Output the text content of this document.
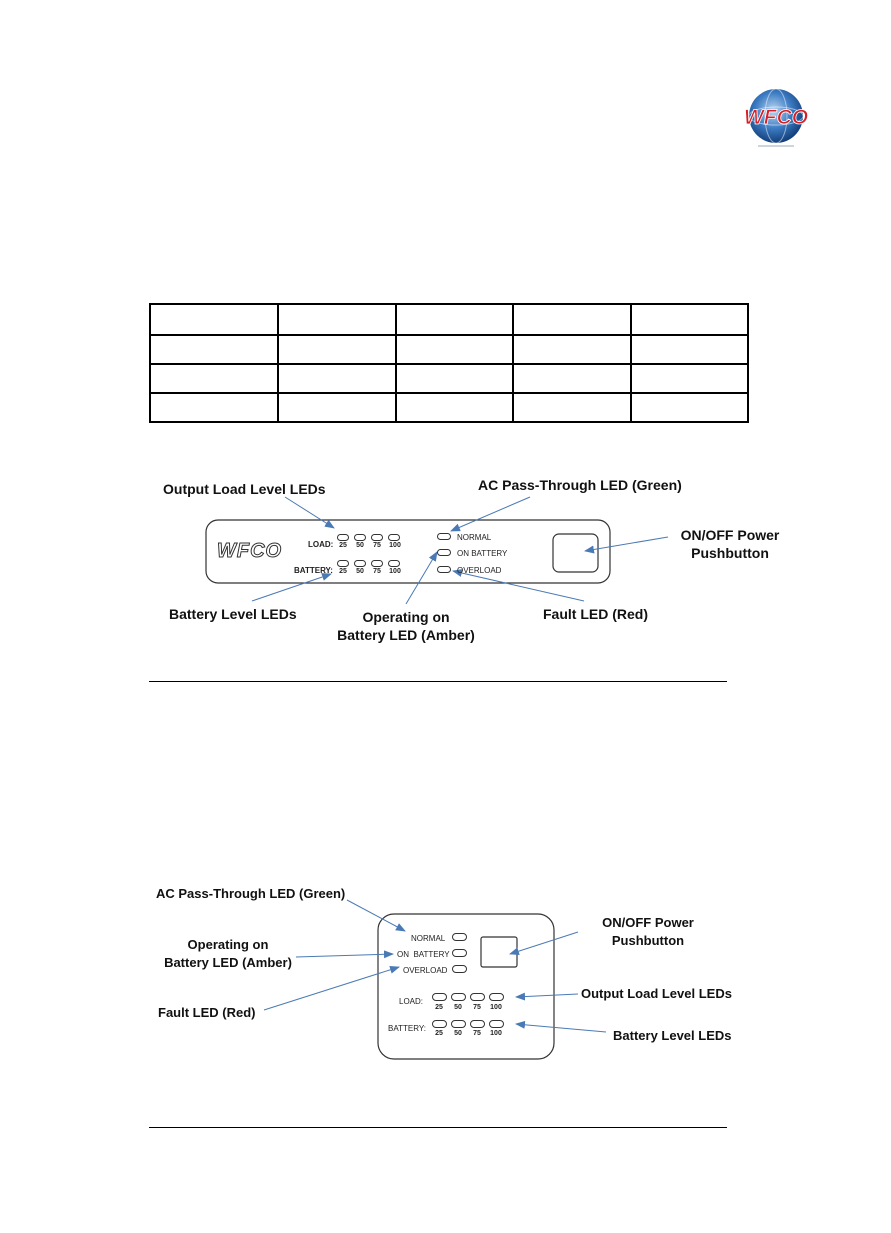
WFCO

WFCO	LOAD:
BATTERY:
25	50	75	100
25	50	75	100
NORMAL
ON BATTERY
OVERLOAD
Output Load Level LEDs	AC Pass-Through LED (Green)
ON/OFF Power
Pushbutton
Battery Level LEDs	Operating on
Battery LED (Amber)
Fault LED (Red)
NORMAL
ON  BATTERY
OVERLOAD
LOAD:
25	50	75	100
BATTERY:
25	50	75	100
AC Pass-Through LED (Green)
Operating on
Battery LED (Amber)
Fault LED (Red)
ON/OFF Power
Pushbutton
Output Load Level LEDs
Battery Level LEDs
